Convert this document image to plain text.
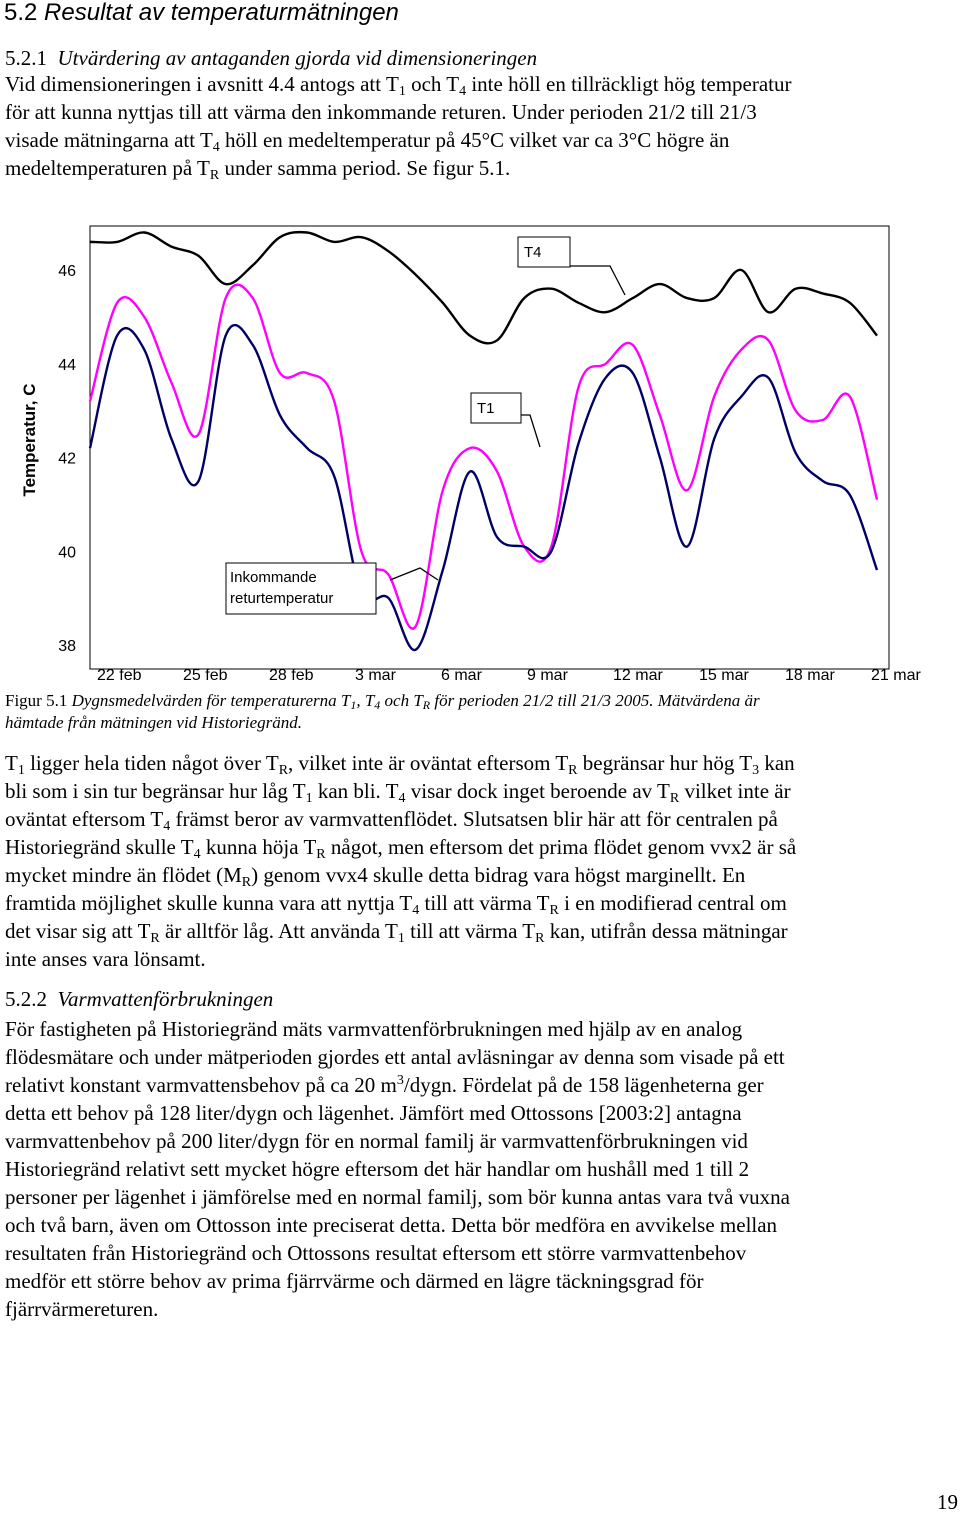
5.2 Resultat av temperaturmätningen
5.2.1 Utvärdering av antaganden gjorda vid dimensioneringen
Vid dimensioneringen i avsnitt 4.4 antogs att $T_1$ och $T_4$ inte höll en tillräckligt hög temperatur
för att kunna nyttjas till att värma den inkommande returen. Under perioden 21/2 till 21/3
visade mätningarna att $T_4$ höll en medeltemperatur på 45°C vilket var ca 3°C högre än
medeltemperaturen på $T_R$ under samma period. Se figur 5.1.
38
40
42
44
46
22 feb	25 feb	28 feb	3 mar	6 mar	9 mar	12 mar 15 mar 18 mar 21 mar
Temperatur, C
T4
T1
Inkommande
returtemperatur
Figur 5.1 Dygnsmedelvärden för temperaturerna $T_1$, $T_4$ och $T_R$ för perioden 21/2 till 21/3 2005. Mätvärdena är
hämtade från mätningen vid Historiegränd.
$T_1$ ligger hela tiden något över $T_R$, vilket inte är oväntat eftersom $T_R$ begränsar hur hög $T_3$ kan
bli som i sin tur begränsar hur låg $T_1$ kan bli. $T_4$ visar dock inget beroende av $T_R$ vilket inte är
oväntat eftersom $T_4$ främst beror av varmvattenflödet. Slutsatsen blir här att för centralen på
Historiegränd skulle $T_4$ kunna höja $T_R$ något, men eftersom det prima flödet genom vvx2 är så
mycket mindre än flödet $(M_R)$ genom vvx4 skulle detta bidrag vara högst marginellt. En
framtida möjlighet skulle kunna vara att nyttja $T_4$ till att värma $T_R$ i en modifierad central om
det visar sig att $T_R$ är alltför låg. Att använda $T_1$ till att värma $T_R$ kan, utifrån dessa mätningar
inte anses vara lönsamt.
5.2.2 Varmvattenförbrukningen
För fastigheten på Historiegränd mäts varmvattenförbrukningen med hjälp av en analog
flödesmätare och under mätperioden gjordes ett antal avläsningar av denna som visade på ett
relativt konstant varmvattensbehov på ca 20 $m^3$/dygn. Fördelat på de 158 lägenheterna ger
detta ett behov på 128 liter/dygn och lägenhet. Jämfört med Ottossons [2003:2] antagna
varmvattenbehov på 200 liter/dygn för en normal familj är varmvattenförbrukningen vid
Historiegränd relativt sett mycket högre eftersom det här handlar om hushåll med 1 till 2
personer per lägenhet i jämförelse med en normal familj, som bör kunna antas vara två vuxna
och två barn, även om Ottosson inte preciserat detta. Detta bör medföra en avvikelse mellan
resultaten från Historiegränd och Ottossons resultat eftersom ett större varmvattenbehov
medför ett större behov av prima fjärrvärme och därmed en lägre täckningsgrad för
fjärrvärmereturen.
19
